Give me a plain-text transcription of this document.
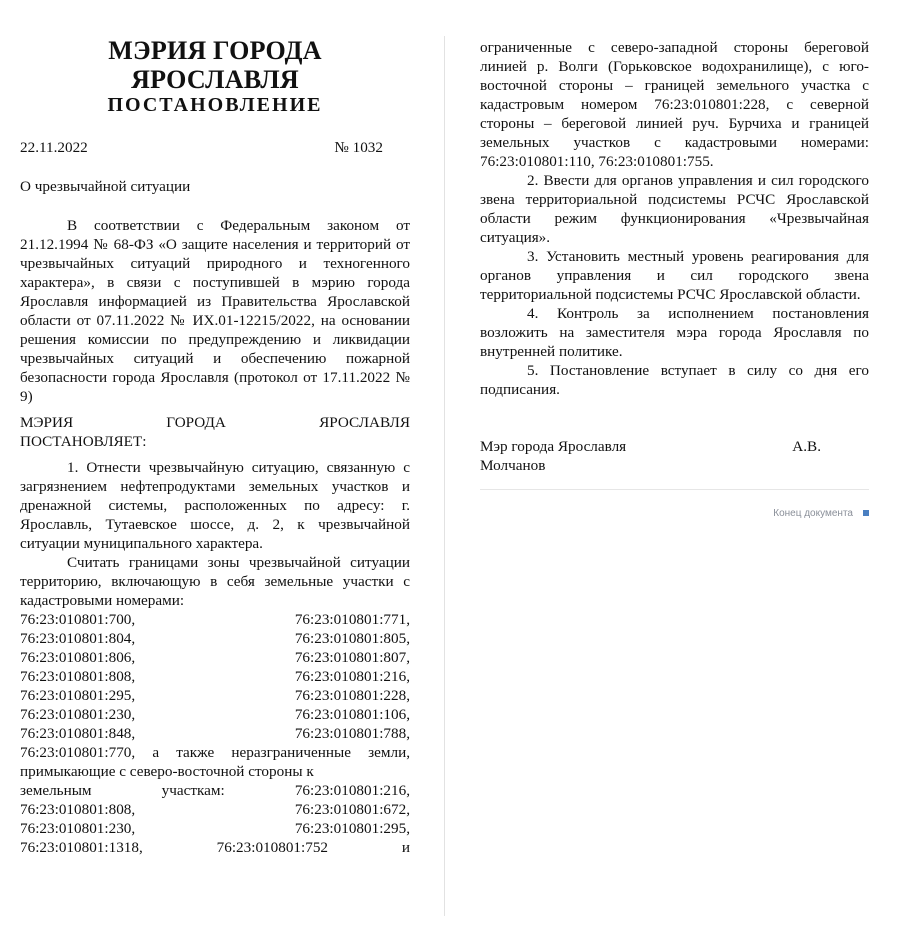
МЭРИЯ ГОРОДА
ЯРОСЛАВЛЯ
ПОСТАНОВЛЕНИЕ
22.11.2022	№ 1032
О чрезвычайной ситуации

В соответствии с Федеральным законом от 21.12.1994 № 68-ФЗ «О защите населения и территорий от чрезвычайных ситуаций природного и техногенного характера», в связи с поступившей в мэрию города Ярославля информацией из Правительства Ярославской области от 07.11.2022 № ИХ.01-12215/2022, на основании решения комиссии по предупреждению и ликвидации чрезвычайных ситуаций и обеспечению пожарной безопасности города Ярославля (протокол от 17.11.2022 № 9)

МЭРИЯ	ГОРОДА	ЯРОСЛАВЛЯ
ПОСТАНОВЛЯЕТ:

1. Отнести чрезвычайную ситуацию, связанную с загрязнением нефтепродуктами земельных участков и дренажной системы, расположенных по адресу: г. Ярославль, Тутаевское шоссе, д. 2, к чрезвычайной ситуации муниципального характера.

Считать границами зоны чрезвычайной ситуации территорию, включающую в себя земельные участки с кадастровыми номерами:

76:23:010801:700,	76:23:010801:771,
76:23:010801:804,	76:23:010801:805,
76:23:010801:806,	76:23:010801:807,
76:23:010801:808,	76:23:010801:216,
76:23:010801:295,	76:23:010801:228,
76:23:010801:230,	76:23:010801:106,
76:23:010801:848,	76:23:010801:788,

76:23:010801:770, а также неразграниченные земли, примыкающие с северо-восточной стороны к

земельным	участкам:	76:23:010801:216,
76:23:010801:808,	76:23:010801:672,
76:23:010801:230,	76:23:010801:295,
76:23:010801:1318,	76:23:010801:752	и

ограниченные с северо-западной стороны береговой линией р. Волги (Горьковское водохранилище), с юго-восточной стороны – границей земельного участка с кадастровым номером 76:23:010801:228, с северной стороны – береговой линией руч. Бурчиха и границей земельных участков с кадастровыми номерами: 76:23:010801:110, 76:23:010801:755.

2. Ввести для органов управления и сил городского звена территориальной подсистемы РСЧС Ярославской области режим функционирования «Чрезвычайная ситуация».

3. Установить местный уровень реагирования для органов управления и сил городского звена территориальной подсистемы РСЧС Ярославской области.

4. Контроль за исполнением постановления возложить на заместителя мэра города Ярославля по внутренней политике.

5. Постановление вступает в силу со дня его подписания.

Мэр города Ярославля	А.В.
Молчанов
Конец документа
